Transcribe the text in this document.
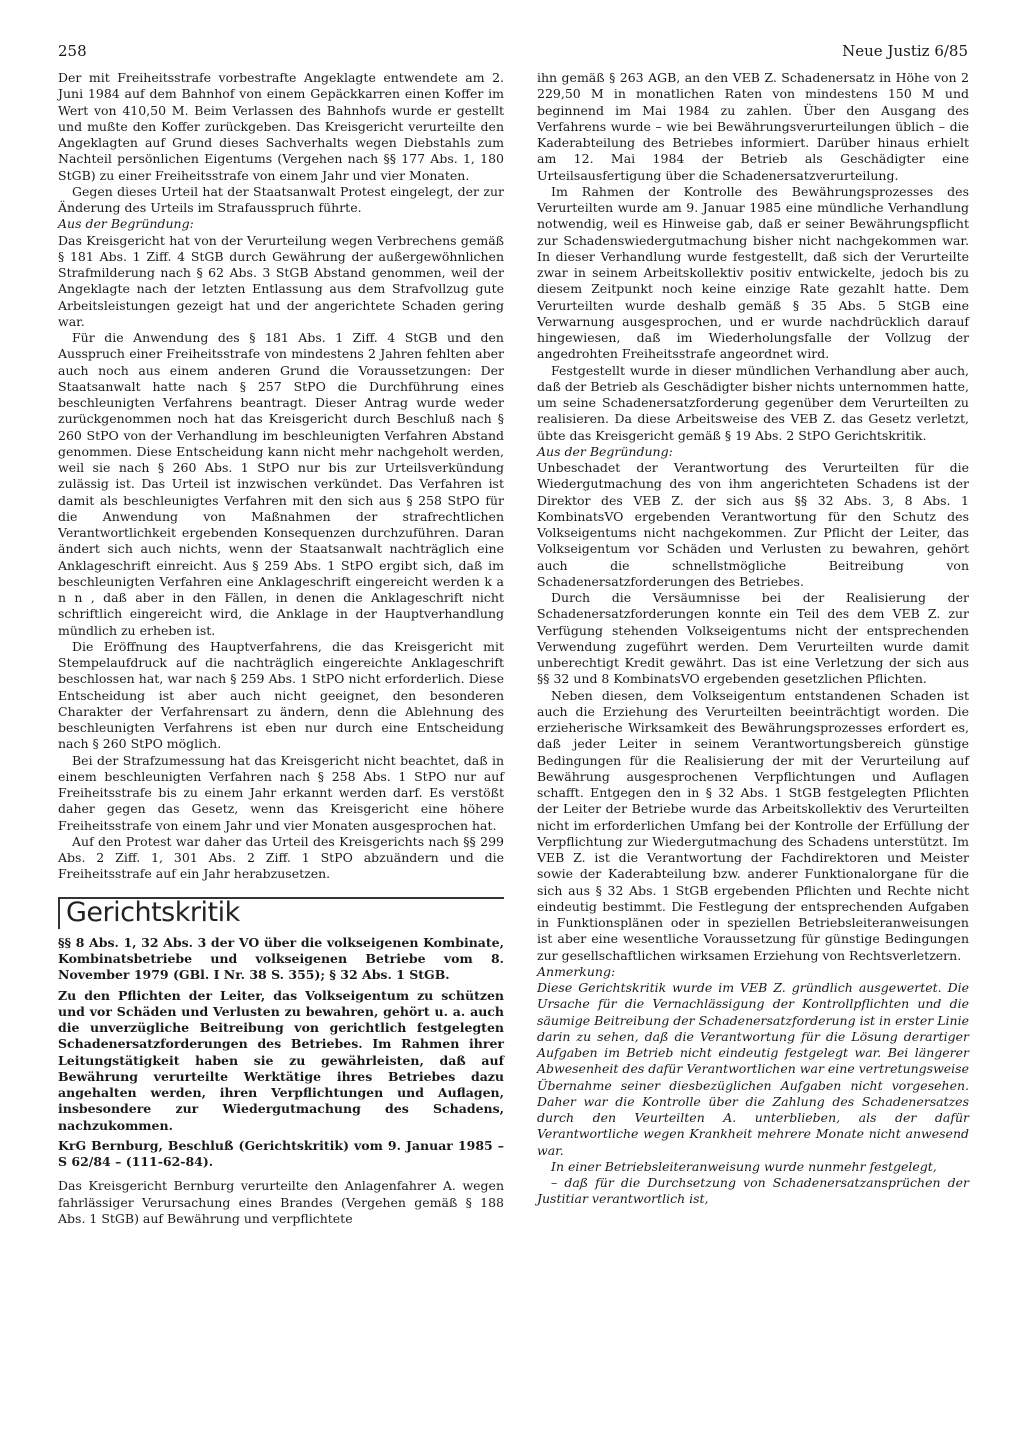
258	Neue Justiz 6/85

Der mit Freiheitsstrafe vorbestrafte Angeklagte entwendete am 2. Juni 1984 auf dem Bahnhof von einem Gepäckkarren einen Koffer im Wert von 410,50 M. Beim Verlassen des Bahnhofs wurde er gestellt und mußte den Koffer zurückgeben. Das Kreisgericht verurteilte den Angeklagten auf Grund dieses Sachverhalts wegen Diebstahls zum Nachteil persönlichen Eigentums (Vergehen nach §§ 177 Abs. 1, 180 StGB) zu einer Freiheitsstrafe von einem Jahr und vier Monaten.

Gegen dieses Urteil hat der Staatsanwalt Protest eingelegt, der zur Änderung des Urteils im Strafausspruch führte.

Aus der Begründung:

Das Kreisgericht hat von der Verurteilung wegen Verbrechens gemäß § 181 Abs. 1 Ziff. 4 StGB durch Gewährung der außergewöhnlichen Strafmilderung nach § 62 Abs. 3 StGB Abstand genommen, weil der Angeklagte nach der letzten Entlassung aus dem Strafvollzug gute Arbeitsleistungen gezeigt hat und der angerichtete Schaden gering war.

Für die Anwendung des § 181 Abs. 1 Ziff. 4 StGB und den Ausspruch einer Freiheitsstrafe von mindestens 2 Jahren fehlten aber auch noch aus einem anderen Grund die Voraussetzungen: Der Staatsanwalt hatte nach § 257 StPO die Durchführung eines beschleunigten Verfahrens beantragt. Dieser Antrag wurde weder zurückgenommen noch hat das Kreisgericht durch Beschluß nach § 260 StPO von der Verhandlung im beschleunigten Verfahren Abstand genommen. Diese Entscheidung kann nicht mehr nachgeholt werden, weil sie nach § 260 Abs. 1 StPO nur bis zur Urteilsverkündung zulässig ist. Das Urteil ist inzwischen verkündet. Das Verfahren ist damit als beschleunigtes Verfahren mit den sich aus § 258 StPO für die Anwendung von Maßnahmen der strafrechtlichen Verantwortlichkeit ergebenden Konsequenzen durchzuführen. Daran ändert sich auch nichts, wenn der Staatsanwalt nachträglich eine Anklageschrift einreicht. Aus § 259 Abs. 1 StPO ergibt sich, daß im beschleunigten Verfahren eine Anklageschrift eingereicht werden k a n n , daß aber in den Fällen, in denen die Anklageschrift nicht schriftlich eingereicht wird, die Anklage in der Hauptverhandlung mündlich zu erheben ist.

Die Eröffnung des Hauptverfahrens, die das Kreisgericht mit Stempelaufdruck auf die nachträglich eingereichte Anklageschrift beschlossen hat, war nach § 259 Abs. 1 StPO nicht erforderlich. Diese Entscheidung ist aber auch nicht geeignet, den besonderen Charakter der Verfahrensart zu ändern, denn die Ablehnung des beschleunigten Verfahrens ist eben nur durch eine Entscheidung nach § 260 StPO möglich.

Bei der Strafzumessung hat das Kreisgericht nicht beachtet, daß in einem beschleunigten Verfahren nach § 258 Abs. 1 StPO nur auf Freiheitsstrafe bis zu einem Jahr erkannt werden darf. Es verstößt daher gegen das Gesetz, wenn das Kreisgericht eine höhere Freiheitsstrafe von einem Jahr und vier Monaten ausgesprochen hat.

Auf den Protest war daher das Urteil des Kreisgerichts nach §§ 299 Abs. 2 Ziff. 1, 301 Abs. 2 Ziff. 1 StPO abzuändern und die Freiheitsstrafe auf ein Jahr herabzusetzen.

Gerichtskritik

§§ 8 Abs. 1, 32 Abs. 3 der VO über die volkseigenen Kombinate, Kombinatsbetriebe und volkseigenen Betriebe vom 8. November 1979 (GBl. I Nr. 38 S. 355); § 32 Abs. 1 StGB.

Zu den Pflichten der Leiter, das Volkseigentum zu schützen und vor Schäden und Verlusten zu bewahren, gehört u. a. auch die unverzügliche Beitreibung von gerichtlich festgelegten Schadenersatzforderungen des Betriebes. Im Rahmen ihrer Leitungstätigkeit haben sie zu gewährleisten, daß auf Bewährung verurteilte Werktätige ihres Betriebes dazu angehalten werden, ihren Verpflichtungen und Auflagen, insbesondere zur Wiedergutmachung des Schadens, nachzukommen.

KrG Bernburg, Beschluß (Gerichtskritik) vom 9. Januar 1985 – S 62/84 – (111-62-84).

Das Kreisgericht Bernburg verurteilte den Anlagenfahrer A. wegen fahrlässiger Verursachung eines Brandes (Vergehen gemäß § 188 Abs. 1 StGB) auf Bewährung und verpflichtete

ihn gemäß § 263 AGB, an den VEB Z. Schadenersatz in Höhe von 2 229,50 M in monatlichen Raten von mindestens 150 M und beginnend im Mai 1984 zu zahlen. Über den Ausgang des Verfahrens wurde – wie bei Bewährungsverurteilungen üblich – die Kaderabteilung des Betriebes informiert. Darüber hinaus erhielt am 12. Mai 1984 der Betrieb als Geschädigter eine Urteilsausfertigung über die Schadenersatzverurteilung.

Im Rahmen der Kontrolle des Bewährungsprozesses des Verurteilten wurde am 9. Januar 1985 eine mündliche Verhandlung notwendig, weil es Hinweise gab, daß er seiner Bewährungspflicht zur Schadenswiedergutmachung bisher nicht nachgekommen war. In dieser Verhandlung wurde festgestellt, daß sich der Verurteilte zwar in seinem Arbeitskollektiv positiv entwickelte, jedoch bis zu diesem Zeitpunkt noch keine einzige Rate gezahlt hatte. Dem Verurteilten wurde deshalb gemäß § 35 Abs. 5 StGB eine Verwarnung ausgesprochen, und er wurde nachdrücklich darauf hingewiesen, daß im Wiederholungsfalle der Vollzug der angedrohten Freiheitsstrafe angeordnet wird.

Festgestellt wurde in dieser mündlichen Verhandlung aber auch, daß der Betrieb als Geschädigter bisher nichts unternommen hatte, um seine Schadenersatzforderung gegenüber dem Verurteilten zu realisieren. Da diese Arbeitsweise des VEB Z. das Gesetz verletzt, übte das Kreisgericht gemäß § 19 Abs. 2 StPO Gerichtskritik.

Aus der Begründung:

Unbeschadet der Verantwortung des Verurteilten für die Wiedergutmachung des von ihm angerichteten Schadens ist der Direktor des VEB Z. der sich aus §§ 32 Abs. 3, 8 Abs. 1 KombinatsVO ergebenden Verantwortung für den Schutz des Volkseigentums nicht nachgekommen. Zur Pflicht der Leiter, das Volkseigentum vor Schäden und Verlusten zu bewahren, gehört auch die schnellstmögliche Beitreibung von Schadenersatzforderungen des Betriebes.

Durch die Versäumnisse bei der Realisierung der Schadenersatzforderungen konnte ein Teil des dem VEB Z. zur Verfügung stehenden Volkseigentums nicht der entsprechenden Verwendung zugeführt werden. Dem Verurteilten wurde damit unberechtigt Kredit gewährt. Das ist eine Verletzung der sich aus §§ 32 und 8 KombinatsVO ergebenden gesetzlichen Pflichten.

Neben diesen, dem Volkseigentum entstandenen Schaden ist auch die Erziehung des Verurteilten beeinträchtigt worden. Die erzieherische Wirksamkeit des Bewährungsprozesses erfordert es, daß jeder Leiter in seinem Verantwortungsbereich günstige Bedingungen für die Realisierung der mit der Verurteilung auf Bewährung ausgesprochenen Verpflichtungen und Auflagen schafft. Entgegen den in § 32 Abs. 1 StGB festgelegten Pflichten der Leiter der Betriebe wurde das Arbeitskollektiv des Verurteilten nicht im erforderlichen Umfang bei der Kontrolle der Erfüllung der Verpflichtung zur Wiedergutmachung des Schadens unterstützt. Im VEB Z. ist die Verantwortung der Fachdirektoren und Meister sowie der Kaderabteilung bzw. anderer Funktionalorgane für die sich aus § 32 Abs. 1 StGB ergebenden Pflichten und Rechte nicht eindeutig bestimmt. Die Festlegung der entsprechenden Aufgaben in Funktionsplänen oder in speziellen Betriebsleiteranweisungen ist aber eine wesentliche Voraussetzung für günstige Bedingungen zur gesellschaftlichen wirksamen Erziehung von Rechtsverletzern.

Anmerkung:

Diese Gerichtskritik wurde im VEB Z. gründlich ausgewertet. Die Ursache für die Vernachlässigung der Kontrollpflichten und die säumige Beitreibung der Schadenersatzforderung ist in erster Linie darin zu sehen, daß die Verantwortung für die Lösung derartiger Aufgaben im Betrieb nicht eindeutig festgelegt war. Bei längerer Abwesenheit des dafür Verantwortlichen war eine vertretungsweise Übernahme seiner diesbezüglichen Aufgaben nicht vorgesehen. Daher war die Kontrolle über die Zahlung des Schadenersatzes durch den Veurteilten A. unterblieben, als der dafür Verantwortliche wegen Krankheit mehrere Monate nicht anwesend war.

In einer Betriebsleiteranweisung wurde nunmehr festgelegt,

– daß für die Durchsetzung von Schadenersatzansprüchen der Justitiar verantwortlich ist,
